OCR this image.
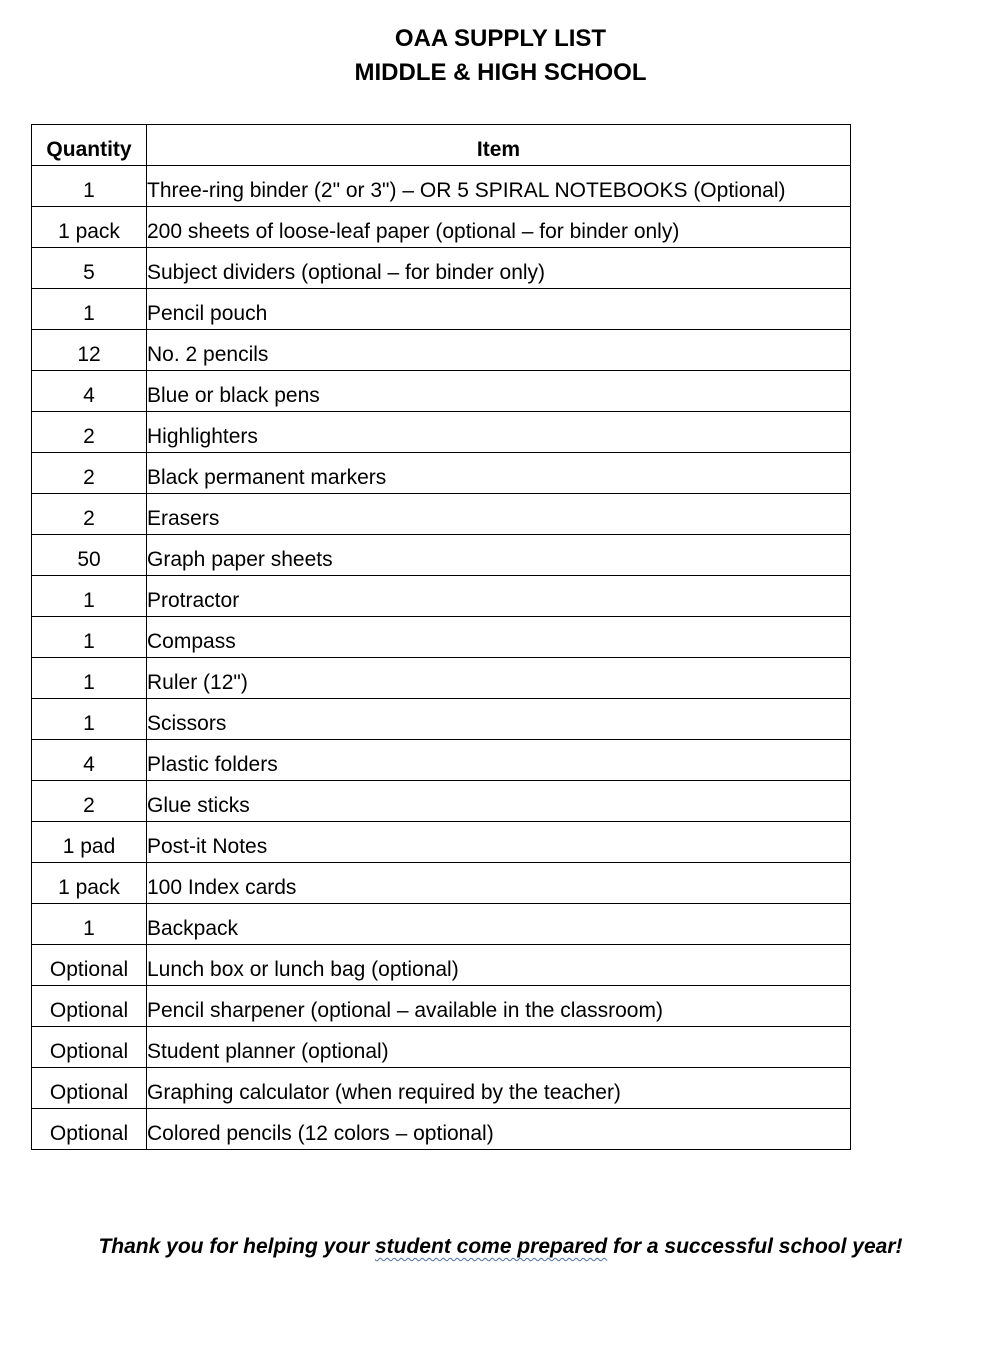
OAA SUPPLY LIST
MIDDLE & HIGH SCHOOL
Quantity	Item
1	Three-ring binder (2" or 3") – OR 5 SPIRAL NOTEBOOKS (Optional)
1 pack	200 sheets of loose-leaf paper (optional – for binder only)
5	Subject dividers (optional – for binder only)
1	Pencil pouch
12	No. 2 pencils
4	Blue or black pens
2	Highlighters
2	Black permanent markers
2	Erasers
50	Graph paper sheets
1	Protractor
1	Compass
1	Ruler (12")
1	Scissors
4	Plastic folders
2	Glue sticks
1 pad	Post-it Notes
1 pack	100 Index cards
1	Backpack
Optional	Lunch box or lunch bag (optional)
Optional	Pencil sharpener (optional – available in the classroom)
Optional	Student planner (optional)
Optional	Graphing calculator (when required by the teacher)
Optional	Colored pencils (12 colors – optional)
Thank you for helping your student come prepared for a successful school year!
